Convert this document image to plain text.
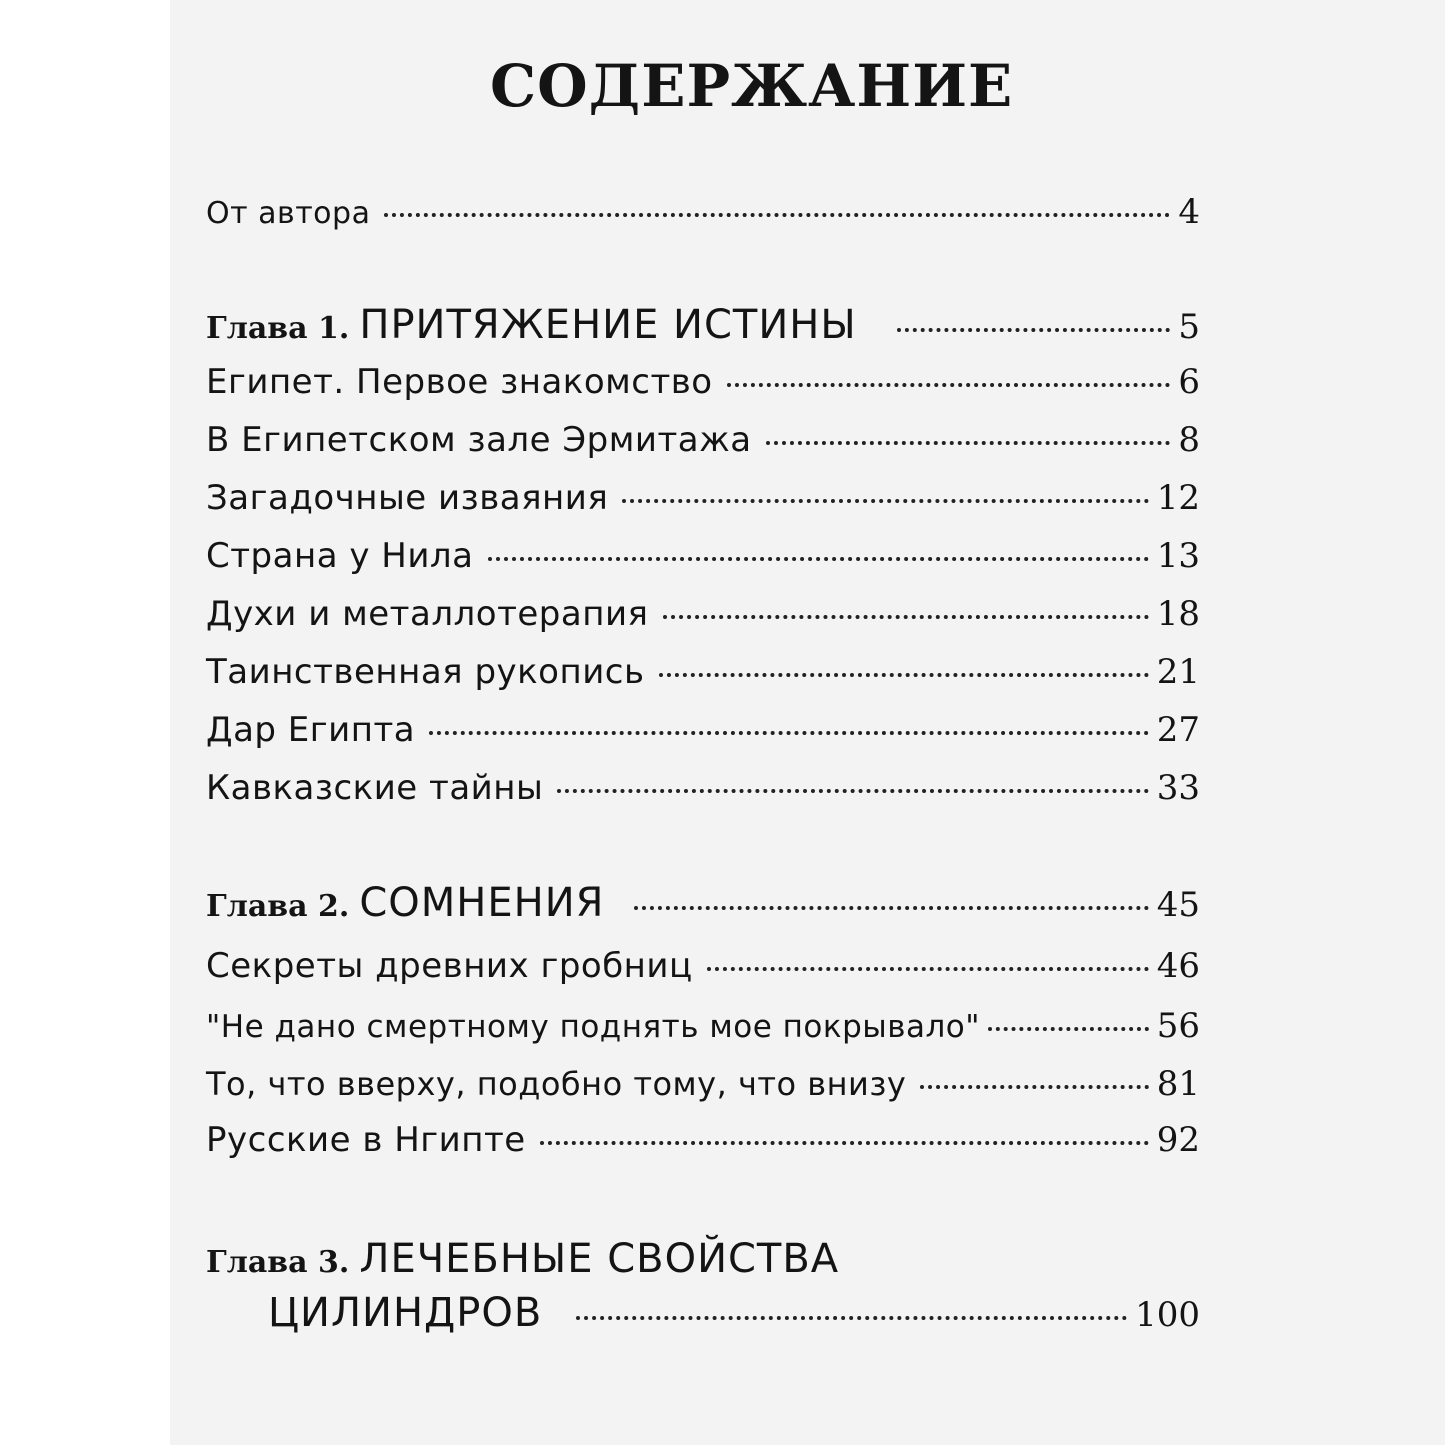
СОДЕРЖАНИЕ
От автора	4
Глава 1. ПРИТЯЖЕНИЕ ИСТИНЫ	5
Египет. Первое знакомство	6
В Египетском зале Эрмитажа	8
Загадочные изваяния	12
Страна у Нила	13
Духи и металлотерапия	18
Таинственная рукопись	21
Дар Египта	27
Кавказские тайны	33
Глава 2. СОМНЕНИЯ	45
Секреты древних гробниц	46
"Не дано смертному поднять мое покрывало"	56
То, что вверху, подобно тому, что внизу	81
Русские в Нгипте	92
Глава 3. ЛЕЧЕБНЫЕ СВОЙСТВА
ЦИЛИНДРОВ	100
